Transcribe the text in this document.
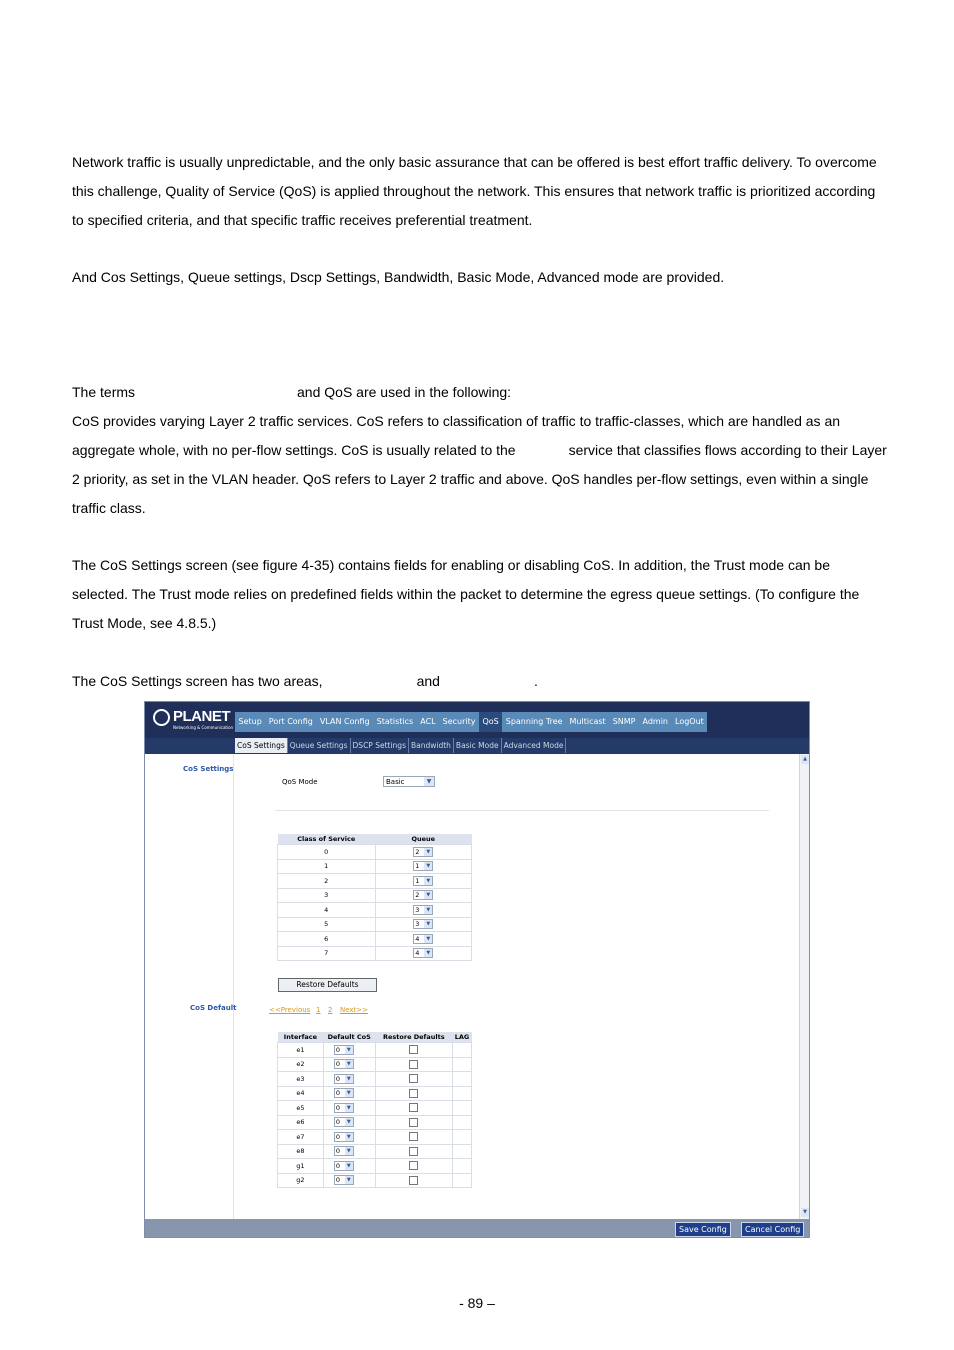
Network traffic is usually unpredictable, and the only basic assurance that can be offered is best effort traffic delivery. To overcome this challenge, Quality of Service (QoS) is applied throughout the network. This ensures that network traffic is prioritized according to specified criteria, and that specific traffic receives preferential treatment.

And Cos Settings, Queue settings, Dscp Settings, Bandwidth, Basic Mode, Advanced mode are provided.

The terms	and QoS are used in the following:

CoS provides varying Layer 2 traffic services. CoS refers to classification of traffic to traffic-classes, which are handled as an aggregate whole, with no per-flow settings. CoS is usually related to the	service that classifies flows according to their Layer 2 priority, as set in the VLAN header. QoS refers to Layer 2 traffic and above. QoS handles per-flow settings, even within a single traffic class.

The CoS Settings screen (see figure 4-35) contains fields for enabling or disabling CoS. In addition, the Trust mode can be selected. The Trust mode relies on predefined fields within the packet to determine the egress queue settings. (To configure the Trust Mode, see 4.8.5.)

The CoS Settings screen has two areas,	and	.

PLANET
Networking & Communication
Setup Port Config VLAN Config Statistics ACL Security QoS Spanning Tree Multicast SNMP Admin LogOut
CoS Settings Queue Settings DSCP Settings Bandwidth Basic Mode Advanced Mode
CoS Settings
QoS Mode	Basic	▼
Class of Service	Queue
0	2 ▼

1	1 ▼

2	1 ▼

3	2 ▼

4	3 ▼

5	3 ▼

6	4 ▼

7	4 ▼
Restore Defaults
CoS Default	<<Previous 1 2 Next>>
Interface	Default CoS	Restore Defaults	LAG
e1	0 ▼		

e2	0 ▼		

e3	0 ▼		

e4	0 ▼		

e5	0 ▼		

e6	0 ▼		

e7	0 ▼		

e8	0 ▼		

g1	0 ▼		

g2	0 ▼		

▲
▼
Save Config	Cancel Config
- 89 –
